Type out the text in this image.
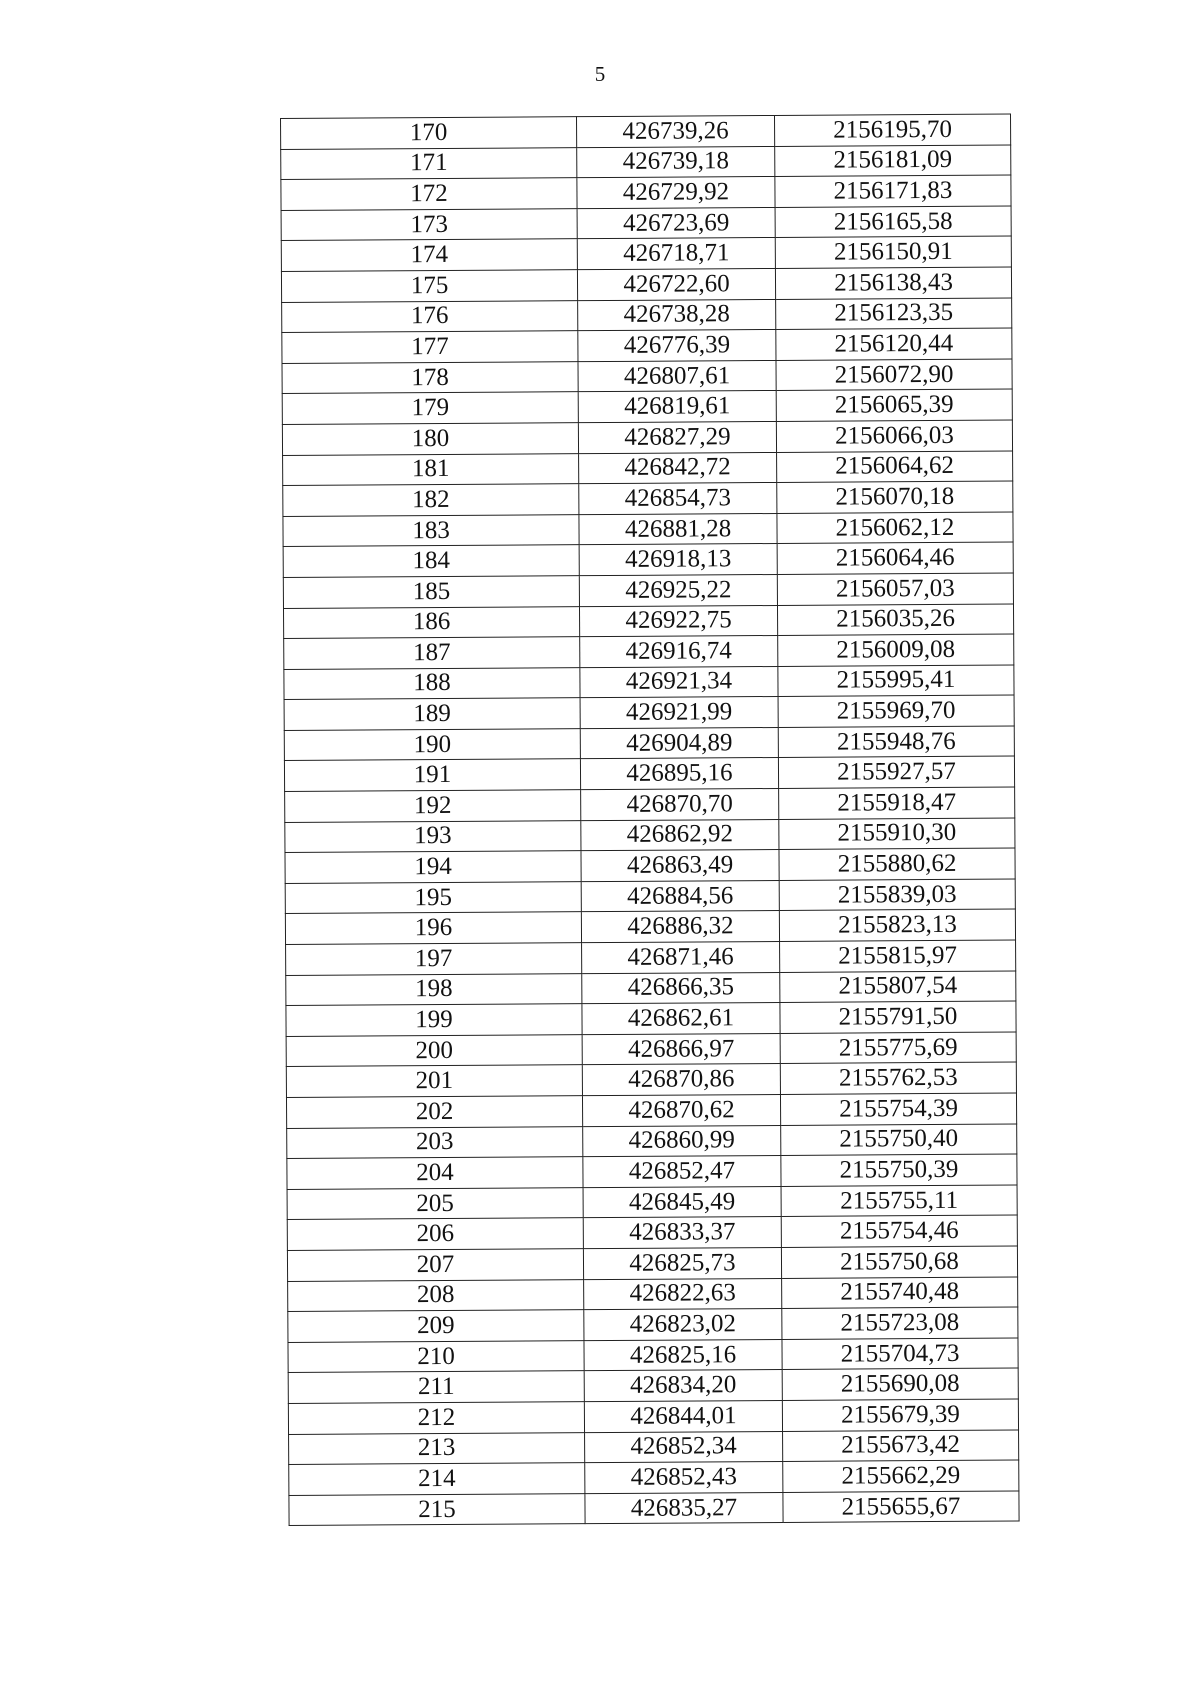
5
170	426739,26	2156195,70
171	426739,18	2156181,09
172	426729,92	2156171,83
173	426723,69	2156165,58
174	426718,71	2156150,91
175	426722,60	2156138,43
176	426738,28	2156123,35
177	426776,39	2156120,44
178	426807,61	2156072,90
179	426819,61	2156065,39
180	426827,29	2156066,03
181	426842,72	2156064,62
182	426854,73	2156070,18
183	426881,28	2156062,12
184	426918,13	2156064,46
185	426925,22	2156057,03
186	426922,75	2156035,26
187	426916,74	2156009,08
188	426921,34	2155995,41
189	426921,99	2155969,70
190	426904,89	2155948,76
191	426895,16	2155927,57
192	426870,70	2155918,47
193	426862,92	2155910,30
194	426863,49	2155880,62
195	426884,56	2155839,03
196	426886,32	2155823,13
197	426871,46	2155815,97
198	426866,35	2155807,54
199	426862,61	2155791,50
200	426866,97	2155775,69
201	426870,86	2155762,53
202	426870,62	2155754,39
203	426860,99	2155750,40
204	426852,47	2155750,39
205	426845,49	2155755,11
206	426833,37	2155754,46
207	426825,73	2155750,68
208	426822,63	2155740,48
209	426823,02	2155723,08
210	426825,16	2155704,73
211	426834,20	2155690,08
212	426844,01	2155679,39
213	426852,34	2155673,42
214	426852,43	2155662,29
215	426835,27	2155655,67
